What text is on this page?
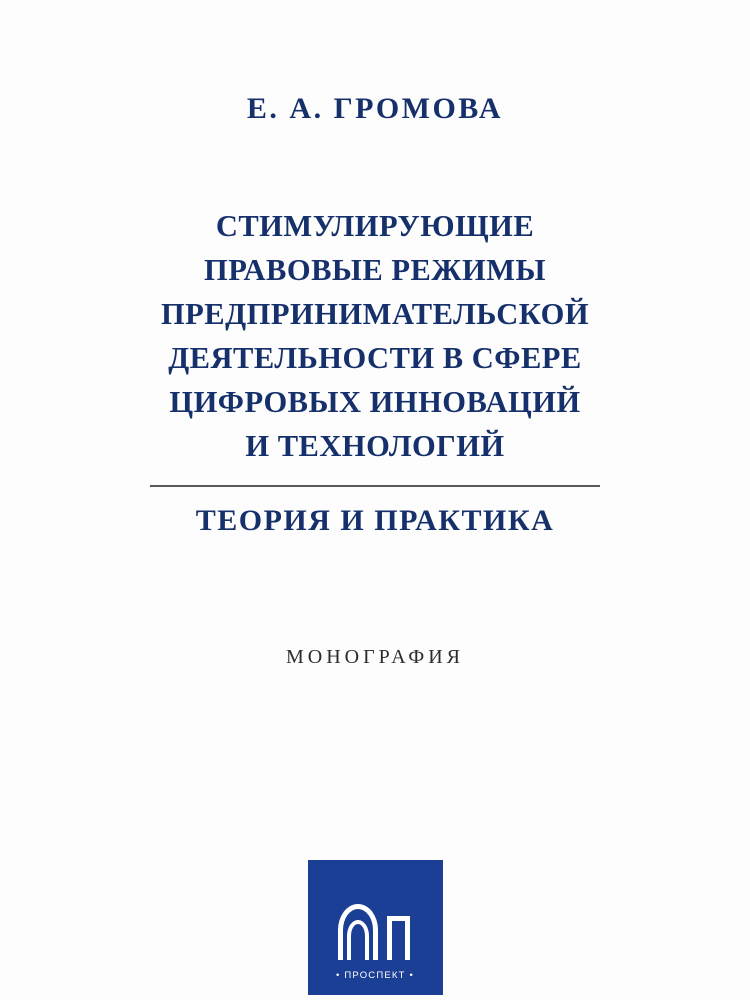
Е. А. ГРОМОВА
СТИМУЛИРУЮЩИЕ
ПРАВОВЫЕ РЕЖИМЫ
ПРЕДПРИНИМАТЕЛЬСКОЙ
ДЕЯТЕЛЬНОСТИ В СФЕРЕ
ЦИФРОВЫХ ИННОВАЦИЙ
И ТЕХНОЛОГИЙ
ТЕОРИЯ И ПРАКТИКА
МОНОГРАФИЯ
• ПРОСПЕКТ •
